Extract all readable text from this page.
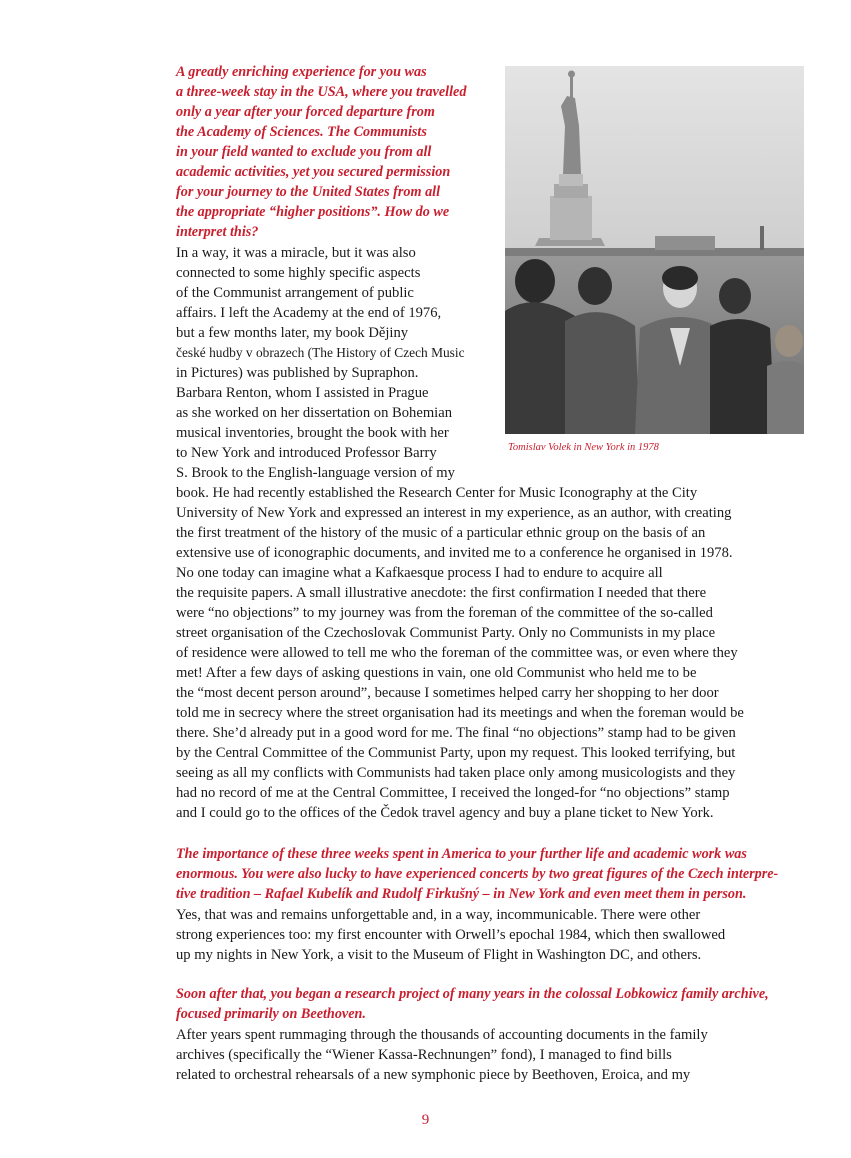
A greatly enriching experience for you was
a three-week stay in the USA, where you travelled
only a year after your forced departure from
the Academy of Sciences. The Communists
in your field wanted to exclude you from all
academic activities, yet you secured permission
for your journey to the United States from all
the appropriate “higher positions”. How do we
interpret this?
In a way, it was a miracle, but it was also
connected to some highly specific aspects
of the Communist arrangement of public
affairs. I left the Academy at the end of 1976,
but a few months later, my book Dějiny
české hudby v obrazech (The History of Czech Music
in Pictures) was published by Supraphon.
Barbara Renton, whom I assisted in Prague
as she worked on her dissertation on Bohemian
musical inventories, brought the book with her
to New York and introduced Professor Barry
S. Brook to the English-language version of my
Tomislav Volek in New York in 1978
book. He had recently established the Research Center for Music Iconography at the City
University of New York and expressed an interest in my experience, as an author, with creating
the first treatment of the history of the music of a particular ethnic group on the basis of an
extensive use of iconographic documents, and invited me to a conference he organised in 1978.
No one today can imagine what a Kafkaesque process I had to endure to acquire all
the requisite papers. A small illustrative anecdote: the first confirmation I needed that there
were “no objections” to my journey was from the foreman of the committee of the so-called
street organisation of the Czechoslovak Communist Party. Only no Communists in my place
of residence were allowed to tell me who the foreman of the committee was, or even where they
met! After a few days of asking questions in vain, one old Communist who held me to be
the “most decent person around”, because I sometimes helped carry her shopping to her door
told me in secrecy where the street organisation had its meetings and when the foreman would be
there. She’d already put in a good word for me. The final “no objections” stamp had to be given
by the Central Committee of the Communist Party, upon my request. This looked terrifying, but
seeing as all my conflicts with Communists had taken place only among musicologists and they
had no record of me at the Central Committee, I received the longed-for “no objections” stamp
and I could go to the offices of the Čedok travel agency and buy a plane ticket to New York.
The importance of these three weeks spent in America to your further life and academic work was
enormous. You were also lucky to have experienced concerts by two great figures of the Czech interpre-
tive tradition – Rafael Kubelík and Rudolf Firkušný – in New York and even meet them in person.
Yes, that was and remains unforgettable and, in a way, incommunicable. There were other
strong experiences too: my first encounter with Orwell’s epochal 1984, which then swallowed
up my nights in New York, a visit to the Museum of Flight in Washington DC, and others.
Soon after that, you began a research project of many years in the colossal Lobkowicz family archive,
focused primarily on Beethoven.
After years spent rummaging through the thousands of accounting documents in the family
archives (specifically the “Wiener Kassa-Rechnungen” fond), I managed to find bills
related to orchestral rehearsals of a new symphonic piece by Beethoven, Eroica, and my
9
